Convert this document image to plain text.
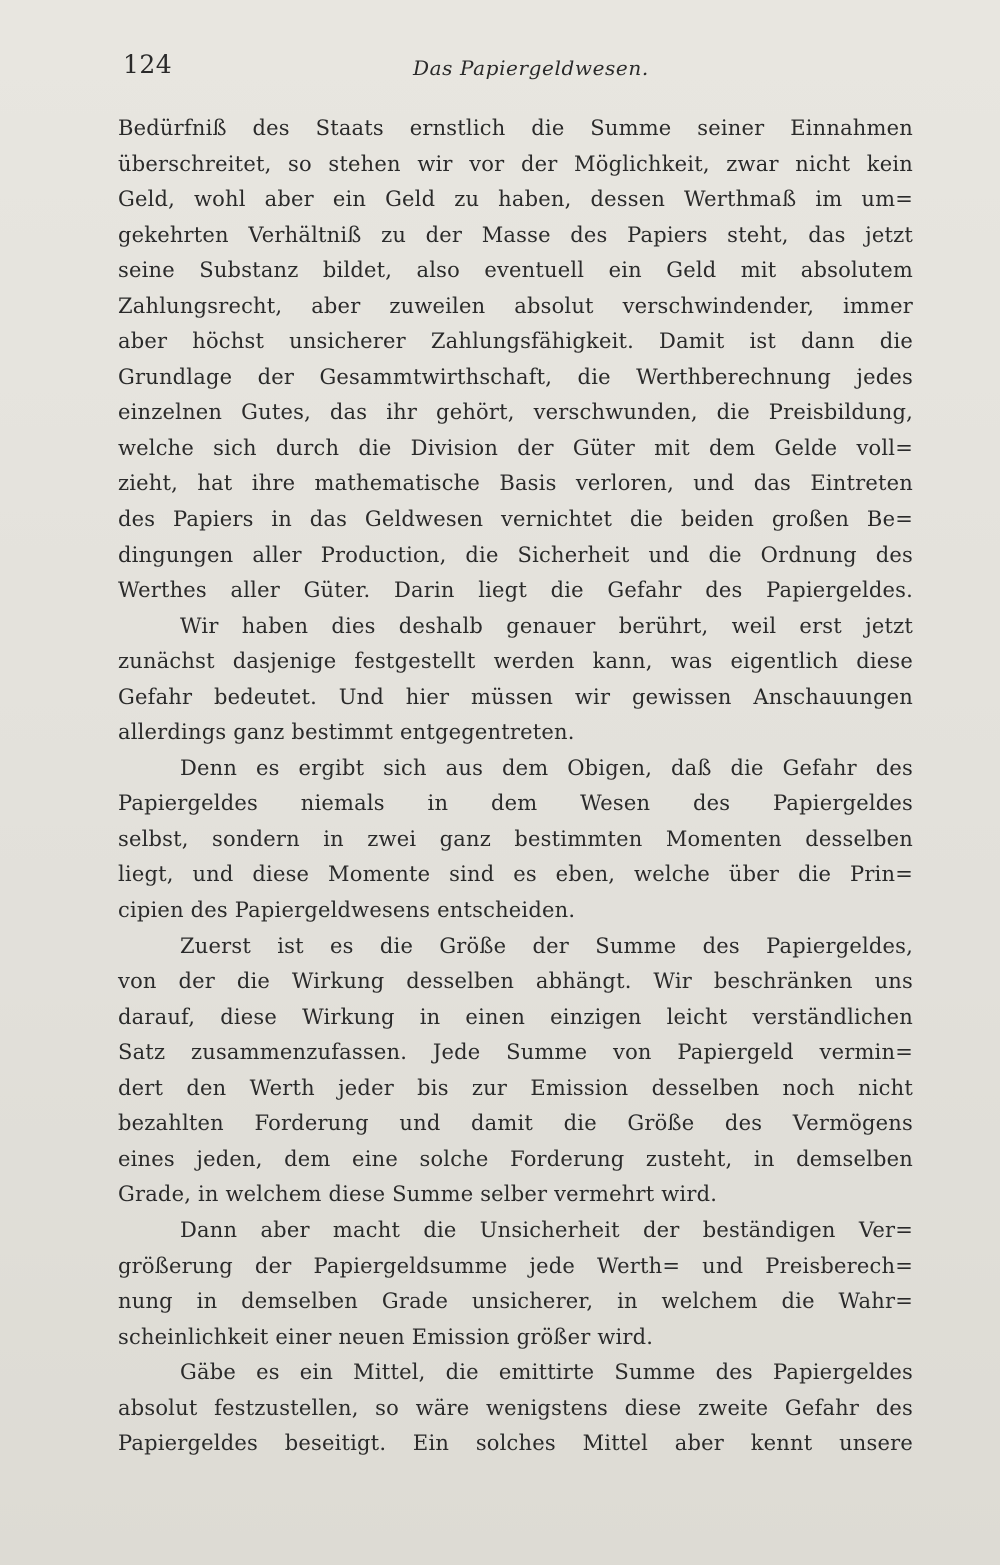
124	Das Papiergeldwesen.
Bedürfniß des Staats ernstlich die Summe seiner Einnahmen
überschreitet, so stehen wir vor der Möglichkeit, zwar nicht kein
Geld, wohl aber ein Geld zu haben, dessen Werthmaß im um=
gekehrten Verhältniß zu der Masse des Papiers steht, das jetzt
seine Substanz bildet, also eventuell ein Geld mit absolutem
Zahlungsrecht, aber zuweilen absolut verschwindender, immer
aber höchst unsicherer Zahlungsfähigkeit. Damit ist dann die
Grundlage der Gesammtwirthschaft, die Werthberechnung jedes
einzelnen Gutes, das ihr gehört, verschwunden, die Preisbildung,
welche sich durch die Division der Güter mit dem Gelde voll=
zieht, hat ihre mathematische Basis verloren, und das Eintreten
des Papiers in das Geldwesen vernichtet die beiden großen Be=
dingungen aller Production, die Sicherheit und die Ordnung des
Werthes aller Güter. Darin liegt die Gefahr des Papiergeldes.
Wir haben dies deshalb genauer berührt, weil erst jetzt
zunächst dasjenige festgestellt werden kann, was eigentlich diese
Gefahr bedeutet. Und hier müssen wir gewissen Anschauungen
allerdings ganz bestimmt entgegentreten.
Denn es ergibt sich aus dem Obigen, daß die Gefahr des
Papiergeldes niemals in dem Wesen des Papiergeldes
selbst, sondern in zwei ganz bestimmten Momenten desselben
liegt, und diese Momente sind es eben, welche über die Prin=
cipien des Papiergeldwesens entscheiden.
Zuerst ist es die Größe der Summe des Papiergeldes,
von der die Wirkung desselben abhängt. Wir beschränken uns
darauf, diese Wirkung in einen einzigen leicht verständlichen
Satz zusammenzufassen. Jede Summe von Papiergeld vermin=
dert den Werth jeder bis zur Emission desselben noch nicht
bezahlten Forderung und damit die Größe des Vermögens
eines jeden, dem eine solche Forderung zusteht, in demselben
Grade, in welchem diese Summe selber vermehrt wird.
Dann aber macht die Unsicherheit der beständigen Ver=
größerung der Papiergeldsumme jede Werth= und Preisberech=
nung in demselben Grade unsicherer, in welchem die Wahr=
scheinlichkeit einer neuen Emission größer wird.
Gäbe es ein Mittel, die emittirte Summe des Papiergeldes
absolut festzustellen, so wäre wenigstens diese zweite Gefahr des
Papiergeldes beseitigt. Ein solches Mittel aber kennt unsere
